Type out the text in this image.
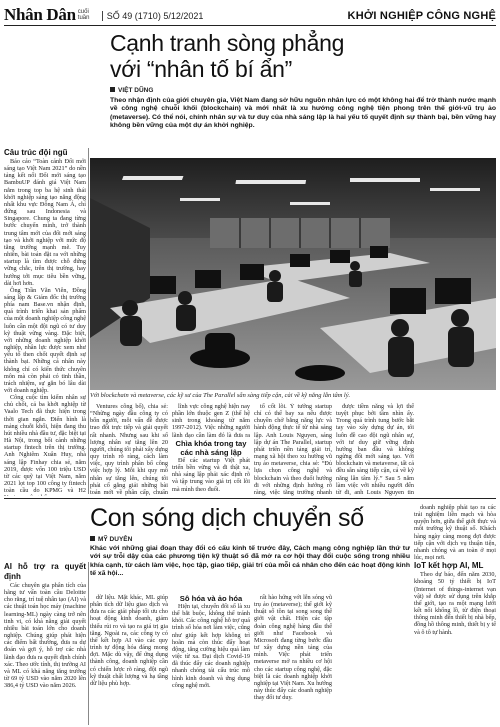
Nhân Dân cuối tuần	SỐ 49 (1710) 5/12/2021	KHỞI NGHIỆP CÔNG NGHỆ
Cạnh tranh sòng phẳng
với “nhân tố bí ẩn”
VIỆT DŨNG
Theo nhận định của giới chuyên gia, Việt Nam đang sở hữu nguồn nhân lực có một không hai để trở thành nước mạnh về công nghệ chuỗi khối (blockchain) và mới nhất là xu hướng công nghệ tiện phong trên thế giới-vũ trụ ảo (metaverse). Có thể nói, chính nhân sự và tư duy của nhà sáng lập là hai yếu tố quyết định sự thành bại, bền vững hay không bền vững của một dự án khởi nghiệp.
Câu trúc đội ngũ

Báo cáo “Toàn cảnh Đổi mới sáng tạo Việt Nam 2021” do nền tảng kết nối Đổi mới sáng tạo BambuUP đánh giá Việt Nam nằm trong top ba hệ sinh thái khởi nghiệp sáng tạo năng động nhất khu vực Đông Nam Á, chỉ đứng sau Indonesia và Singapore. Chung ta đang từng bước chuyển mình, trở thành trung tâm mới của đổi mới sáng tạo và khởi nghiệp với mức độ tăng trưởng mạnh mẽ. Tuy nhiên, bài toán đặt ra với những startup là tìm được chỗ đứng vững chắc, trên thị trường, hay hướng tới mục tiêu bền vững, dài hơi hơn.

Ông Trần Văn Viên, Đồng sáng lập & Giám đốc thị trường phía nam Base.vn nhận định, quá trình triển khai sản phẩm của một doanh nghiệp công nghệ luôn cần một đội ngũ có tư duy kỹ thuật vững vàng. Đặc biệt, với những doanh nghiệp khởi nghiệp, nhân lực được xem như yếu tố then chốt quyết định sự thành bại. Những cá nhân này không chỉ có kiến thức chuyên môn mà còn phải có tinh thần, trách nhiệm, sự gắn bó lâu dài với doanh nghiệp.

Công cuộc tìm kiếm nhân sự chủ chốt, cả ba khởi nghiệp từ Vaalo Tech đã thực hiện trong thời gian ngắn. Điển hình là mảng chuỗi khối, hiện đang thu hút nhiều nhà đầu tư, đặc biệt tại Hà Nội, trong bối cảnh những startup fintech trên thị trường. Anh Nghiêm Xuân Huy, nhà sáng lập Finhay chia sẻ, năm 2019, được vốn 100 triệu USD từ các quỹ tại Việt Nam, năm 2021 lọt top 100 công ty fintech toàn cầu do KPMG và H2

Với blockchain và metaverse, các kỹ sư của The Parallel sẵn sàng tiếp cận, cải về kỹ năng lẫn tâm lý.

Ventures công bố), chia sẻ: “Những ngày đầu công ty có bốn người, mỗi vấn đề được trao đổi trực tiếp và giải quyết rất nhanh. Nhưng sau khi số lượng nhân sự tăng lên 20 người, chúng tôi phải xây dựng quy trình rõ ràng, cách làm việc, quy trình phân bổ công việc hợp lý. Mỗi khi quy mô nhân sự tăng lên, chúng tôi phải cố gắng giải những bài toán mới về phân cấp, chuẩn

lĩnh vực công nghệ hiện nay phần lớn thuộc gen Z (thế hệ sinh trong khoảng từ năm 1997-2012). Việc những người lãnh đạo cần làm đó là đưa ra

Chìa khóa trong tay các nhà sáng lập

Để các startup Việt phát triển bền vững và đi thật xa, nhà sáng lập phải xác định rõ và tập trung vào giá trị cốt lõi mà mình theo đuổi.

tố cốt lõi. Ý tưởng startup chỉ có thể bay xa nếu được chuyền chở bằng năng lực và hành động thực tế từ nhà sáng lập. Anh Louis Nguyen, sáng lập dự án The Parallel, startup phát triển nền tảng giải trí, mạng xã hội theo xu hướng vũ trụ ảo metaverse, chia sẻ: “Đủ lựa chọn công nghệ và blockchain và theo đuổi hướng đi với những định hướng rõ ràng, việc tăng trưởng nhanh

được tiềm năng và lợi thế tuyệt phục bởi tầm nhìn ấy. Trong quá trình tung bước bắt tay vào xây dựng dự án, tôi luôn đề cao đội ngũ nhân sự, với tư duy giữ vững định hướng ban đầu và không ngừng đổi mới sáng tạo. Với blockchain và metaverse, tất cả đều sẵn sàng tiếp cận, cả về kỹ năng lẫn tâm lý.” Sau 5 năm làm việc với nhiều người đến từ đi, anh Louis Nguyen tin

Con sóng dịch chuyển số
MỸ DUYÊN
Khác với những giai đoạn thay đổi có cấu kinh tế trước đây, Cách mạng công nghiệp lần thứ tư với sự trỗi dậy của các phương tiện kỹ thuật số đã mở ra cơ hội thay đổi cuộc sống trong nhiều khía cạnh, từ cách làm việc, học tập, giao tiếp, giải trí của mỗi cá nhân cho đến các hoạt động kinh tế xã hội...
AI hỗ trợ ra quyết định

Các chuyên gia phân tích của hãng tư vấn toàn cầu Deloitte cho rằng, trí tuệ nhân tạo (AI) và các thuật toán học máy (machine learning-ML) ngày càng trở nên tinh vi, có khả năng giải quyết nhiều bài toán lớn cho doanh nghiệp. Chúng giúp phát hiện các điểm bất thường, đưa ra dự đoán và gợi ý, hỗ trợ các nhà lãnh đạo đưa ra quyết định chính xác. Theo ước tính, thị trường AI và ML có khả năng tăng trưởng từ 69 tỷ USD vào năm 2020 lên 386,4 tỷ USD vào năm 2026.

dữ liệu. Mặt khác, ML giúp phân tích dữ liệu giao dịch và đưa ra các giải pháp tối ưu cho hoạt động kinh doanh, giảm thiểu rủi ro và tạo ra giá trị gia tăng. Ngoài ra, các công ty có thể kết hợp AI vào các quy trình tự động hóa đáng mong đợi. Mặc dù vậy, để ứng dụng thành công, doanh nghiệp cần có chiến lược rõ ràng, đội ngũ kỹ thuật chất lượng và hạ tầng dữ liệu phù hợp.

Sô hóa và ảo hóa

Hiện tại, chuyển đổi số là xu thế bắt buộc, không thể tránh khỏi. Các công nghệ hỗ trợ quá trình số hóa nơi làm việc, cũng như giúp kết hợp không trì hoãn mà còn thúc đẩy hoạt động, tăng cường hiệu quả làm việc từ xa. Đại dịch Covid-19 đã thúc đẩy các doanh nghiệp nhanh chóng tái cấu trúc mô hình kinh doanh và ứng dụng công nghệ mới.

rất hào hứng với lễn sóng vũ trụ ảo (metaverse); thế giới kỹ thuật số tồn tại song song thế giới vật chất. Hiện các tập đoàn công nghệ hàng đầu thế giới như Facebook và Microsoft đang từng bước đầu tư xây dựng nền tảng của mình. Việc phát triển metaverse mở ra nhiều cơ hội cho các startup công nghệ, đặc biệt là các doanh nghiệp khởi nghiệp tại Việt Nam. Xu hướng này thúc đẩy các doanh nghiệp thay đổi tư duy.

doanh nghiệp phải tạo ra các trải nghiệm liền mạch và hòa quyện hơn, giữa thế giới thực và môi trường kỹ thuật số. Khách hàng ngày càng mong đợi được tiếp cận với dịch vụ thuận tiện, nhanh chóng và an toàn ở mọi lúc, mọi nơi.

IoT kết hợp AI, ML

Theo dự báo, đến năm 2030, khoảng 50 tỷ thiết bị IoT (Internet of things-internet vạn vật) sẽ được sử dụng trên khắp thế giới, tạo ra một mạng lưới kết nối khổng lồ, từ điện thoại thông minh đến thiết bị nhà bếp, đồng hồ thông minh, thiết bị y tế và ô tô tự hành.
